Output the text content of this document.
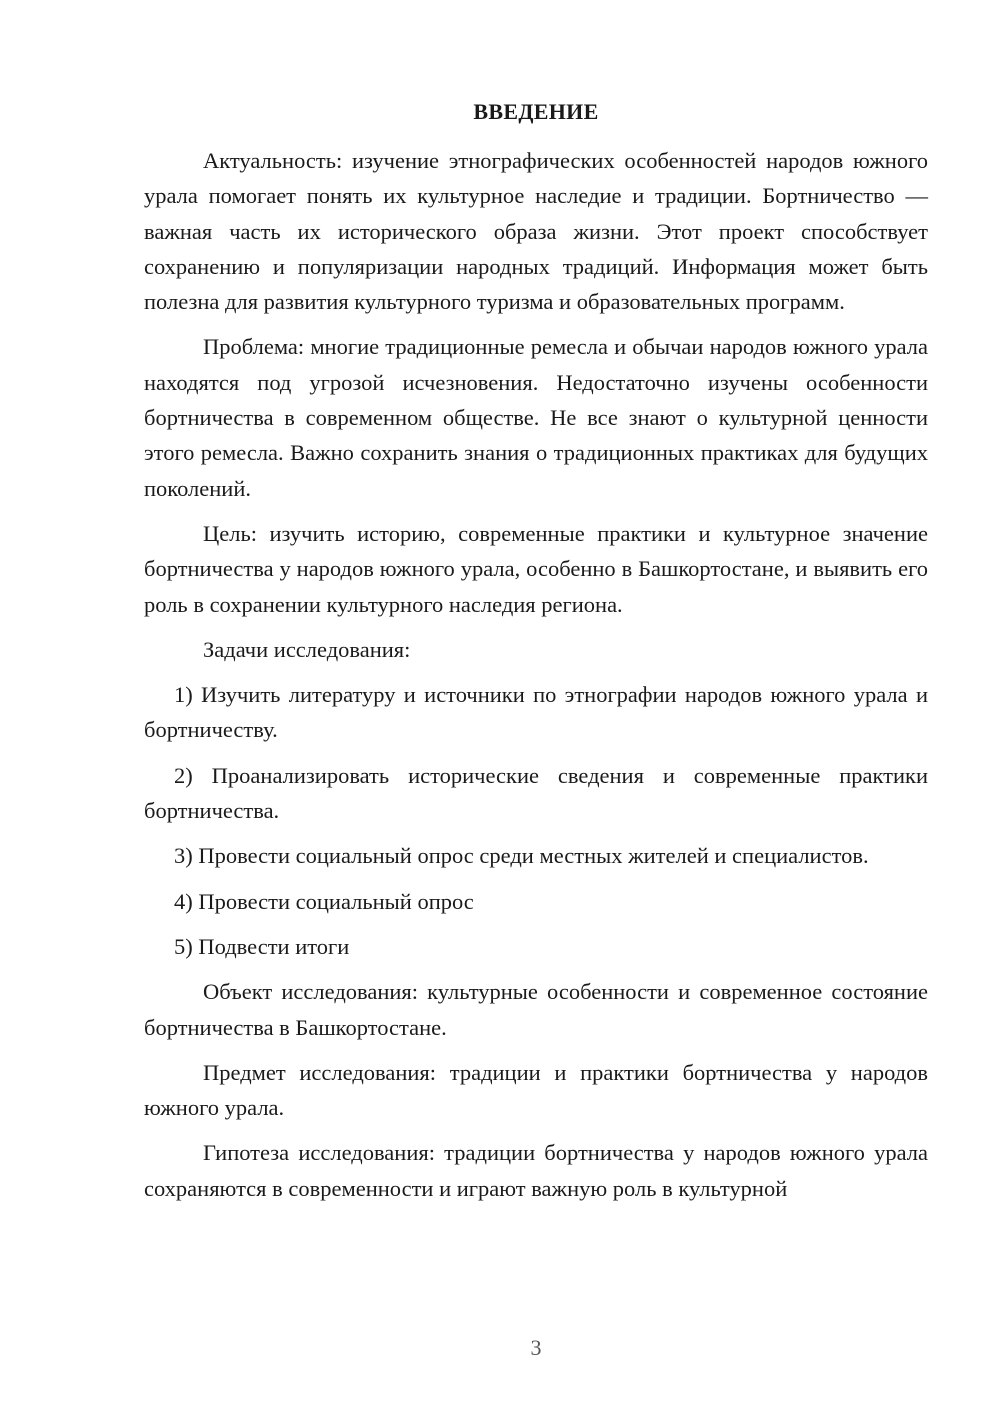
ВВЕДЕНИЕ

Актуальность: изучение этнографических особенностей народов южного урала помогает понять их культурное наследие и традиции. Бортничество — важная часть их исторического образа жизни. Этот проект способствует сохранению и популяризации народных традиций. Информация может быть полезна для развития культурного туризма и образовательных программ.

Проблема: многие традиционные ремесла и обычаи народов южного урала находятся под угрозой исчезновения. Недостаточно изучены особенности бортничества в современном обществе. Не все знают о культурной ценности этого ремесла. Важно сохранить знания о традиционных практиках для будущих поколений.

Цель: изучить историю, современные практики и культурное значение бортничества у народов южного урала, особенно в Башкортостане, и выявить его роль в сохранении культурного наследия региона.

Задачи исследования:

1) Изучить литературу и источники по этнографии народов южного урала и бортничеству.

2) Проанализировать исторические сведения и современные практики бортничества.

3) Провести социальный опрос среди местных жителей и специалистов.

4) Провести социальный опрос

5) Подвести итоги

Объект исследования: культурные особенности и современное состояние бортничества в Башкортостане.

Предмет исследования: традиции и практики бортничества у народов южного урала.

Гипотеза исследования: традиции бортничества у народов южного урала сохраняются в современности и играют важную роль в культурной

3
